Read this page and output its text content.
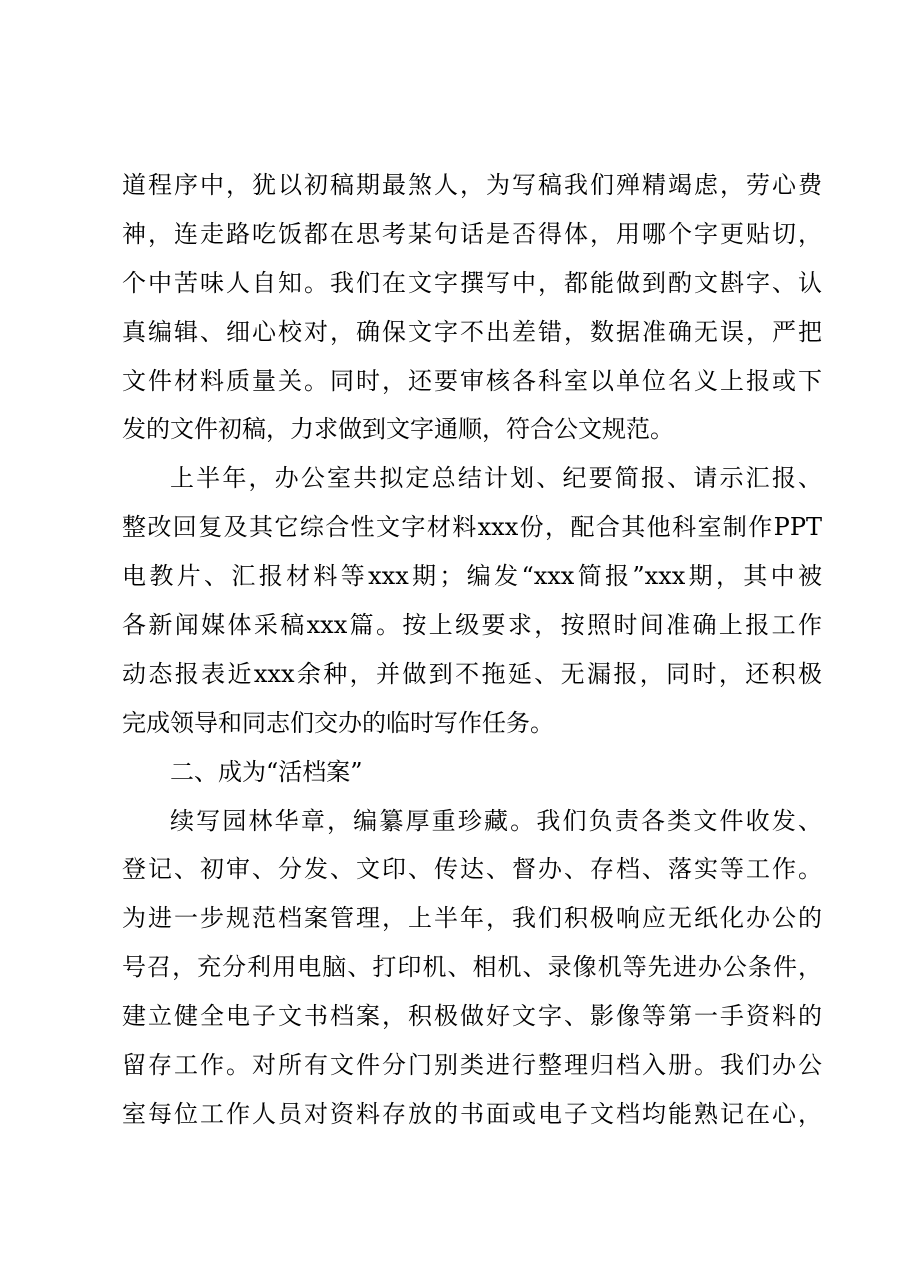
道程序中，犹以初稿期最煞人，为写稿我们殚精竭虑，劳心费
神，连走路吃饭都在思考某句话是否得体，用哪个字更贴切，
个中苦味人自知。我们在文字撰写中，都能做到酌文斟字、认
真编辑、细心校对，确保文字不出差错，数据准确无误，严把
文件材料质量关。同时，还要审核各科室以单位名义上报或下
发的文件初稿，力求做到文字通顺，符合公文规范。
上半年，办公室共拟定总结计划、纪要简报、请示汇报、
整改回复及其它综合性文字材料xxx份，配合其他科室制作PPT
电教片、汇报材料等xxx期；编发“xxx简报”xxx期，其中被
各新闻媒体采稿xxx篇。按上级要求，按照时间准确上报工作
动态报表近xxx余种，并做到不拖延、无漏报，同时，还积极
完成领导和同志们交办的临时写作任务。
二、成为“活档案”
续写园林华章，编纂厚重珍藏。我们负责各类文件收发、
登记、初审、分发、文印、传达、督办、存档、落实等工作。
为进一步规范档案管理，上半年，我们积极响应无纸化办公的
号召，充分利用电脑、打印机、相机、录像机等先进办公条件，
建立健全电子文书档案，积极做好文字、影像等第一手资料的
留存工作。对所有文件分门别类进行整理归档入册。我们办公
室每位工作人员对资料存放的书面或电子文档均能熟记在心，
